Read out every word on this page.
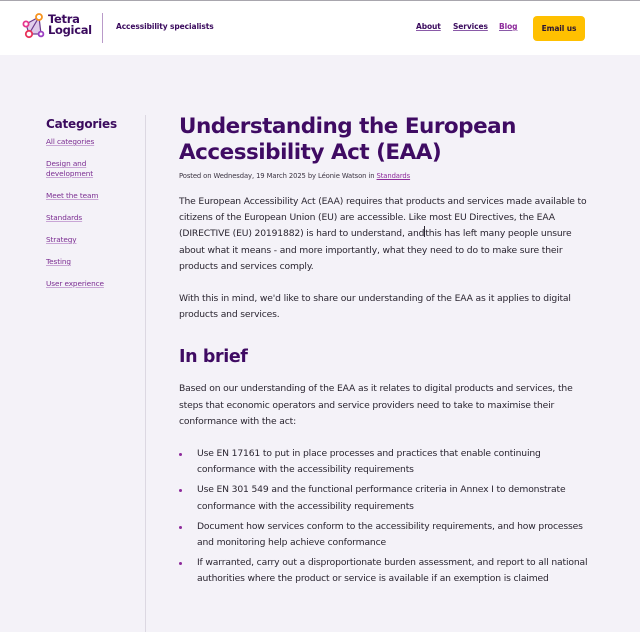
Tetra
Logical	Accessibility specialists	About Services Blog	Email us
Categories
All categories
Design and development
Meet the team
Standards
Strategy
Testing
User experience
Understanding the European Accessibility Act (EAA)
Posted on Wednesday, 19 March 2025 by Léonie Watson in Standards

The European Accessibility Act (EAA) requires that products and services made available to citizens of the European Union (EU) are accessible. Like most EU Directives, the EAA (DIRECTIVE (EU) 20191882) is hard to understand, andthis has left many people unsure about what it means - and more importantly, what they need to do to make sure their products and services comply.

With this in mind, we'd like to share our understanding of the EAA as it applies to digital products and services.

In brief

Based on our understanding of the EAA as it relates to digital products and services, the steps that economic operators and service providers need to take to maximise their conformance with the act:

Use EN 17161 to put in place processes and practices that enable continuing conformance with the accessibility requirements
Use EN 301 549 and the functional performance criteria in Annex I to demonstrate conformance with the accessibility requirements
Document how services conform to the accessibility requirements, and how processes and monitoring help achieve conformance
If warranted, carry out a disproportionate burden assessment, and report to all national authorities where the product or service is available if an exemption is claimed
